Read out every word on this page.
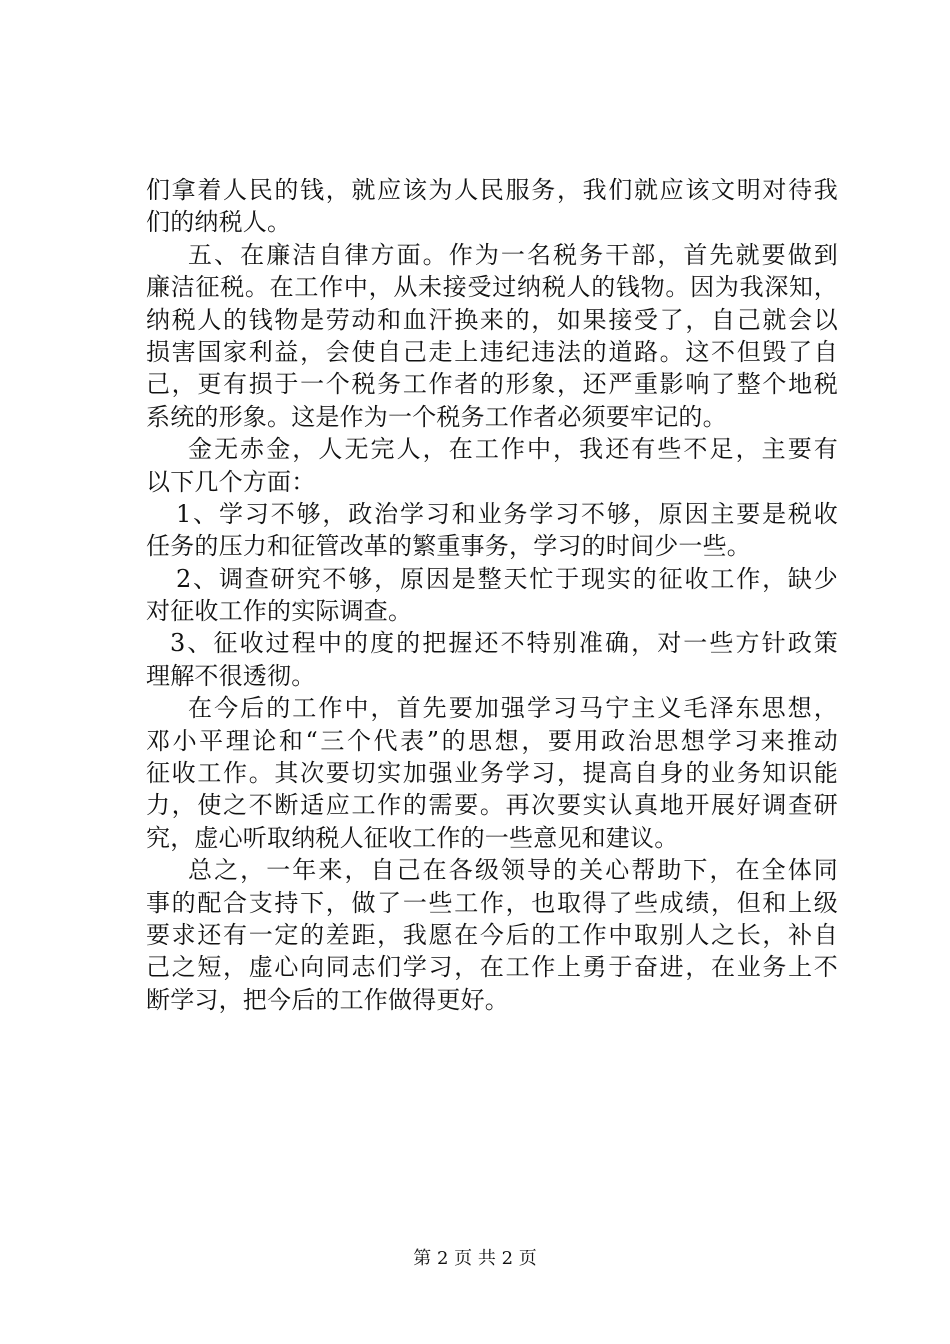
们拿着人民的钱，就应该为人民服务，我们就应该文明对待我
们的纳税人。
五、在廉洁自律方面。作为一名税务干部，首先就要做到
廉洁征税。在工作中，从未接受过纳税人的钱物。因为我深知，
纳税人的钱物是劳动和血汗换来的，如果接受了，自己就会以
损害国家利益，会使自己走上违纪违法的道路。这不但毁了自
己，更有损于一个税务工作者的形象，还严重影响了整个地税
系统的形象。这是作为一个税务工作者必须要牢记的。
金无赤金，人无完人，在工作中，我还有些不足，主要有
以下几个方面：
1、学习不够，政治学习和业务学习不够，原因主要是税收
任务的压力和征管改革的繁重事务，学习的时间少一些。
2、调查研究不够，原因是整天忙于现实的征收工作，缺少
对征收工作的实际调查。
3、征收过程中的度的把握还不特别准确，对一些方针政策
理解不很透彻。
在今后的工作中，首先要加强学习马宁主义毛泽东思想，
邓小平理论和“三个代表”的思想，要用政治思想学习来推动
征收工作。其次要切实加强业务学习，提高自身的业务知识能
力，使之不断适应工作的需要。再次要实认真地开展好调查研
究，虚心听取纳税人征收工作的一些意见和建议。
总之，一年来，自己在各级领导的关心帮助下，在全体同
事的配合支持下，做了一些工作，也取得了些成绩，但和上级
要求还有一定的差距，我愿在今后的工作中取别人之长，补自
己之短，虚心向同志们学习，在工作上勇于奋进，在业务上不
断学习，把今后的工作做得更好。
第 2 页 共 2 页
